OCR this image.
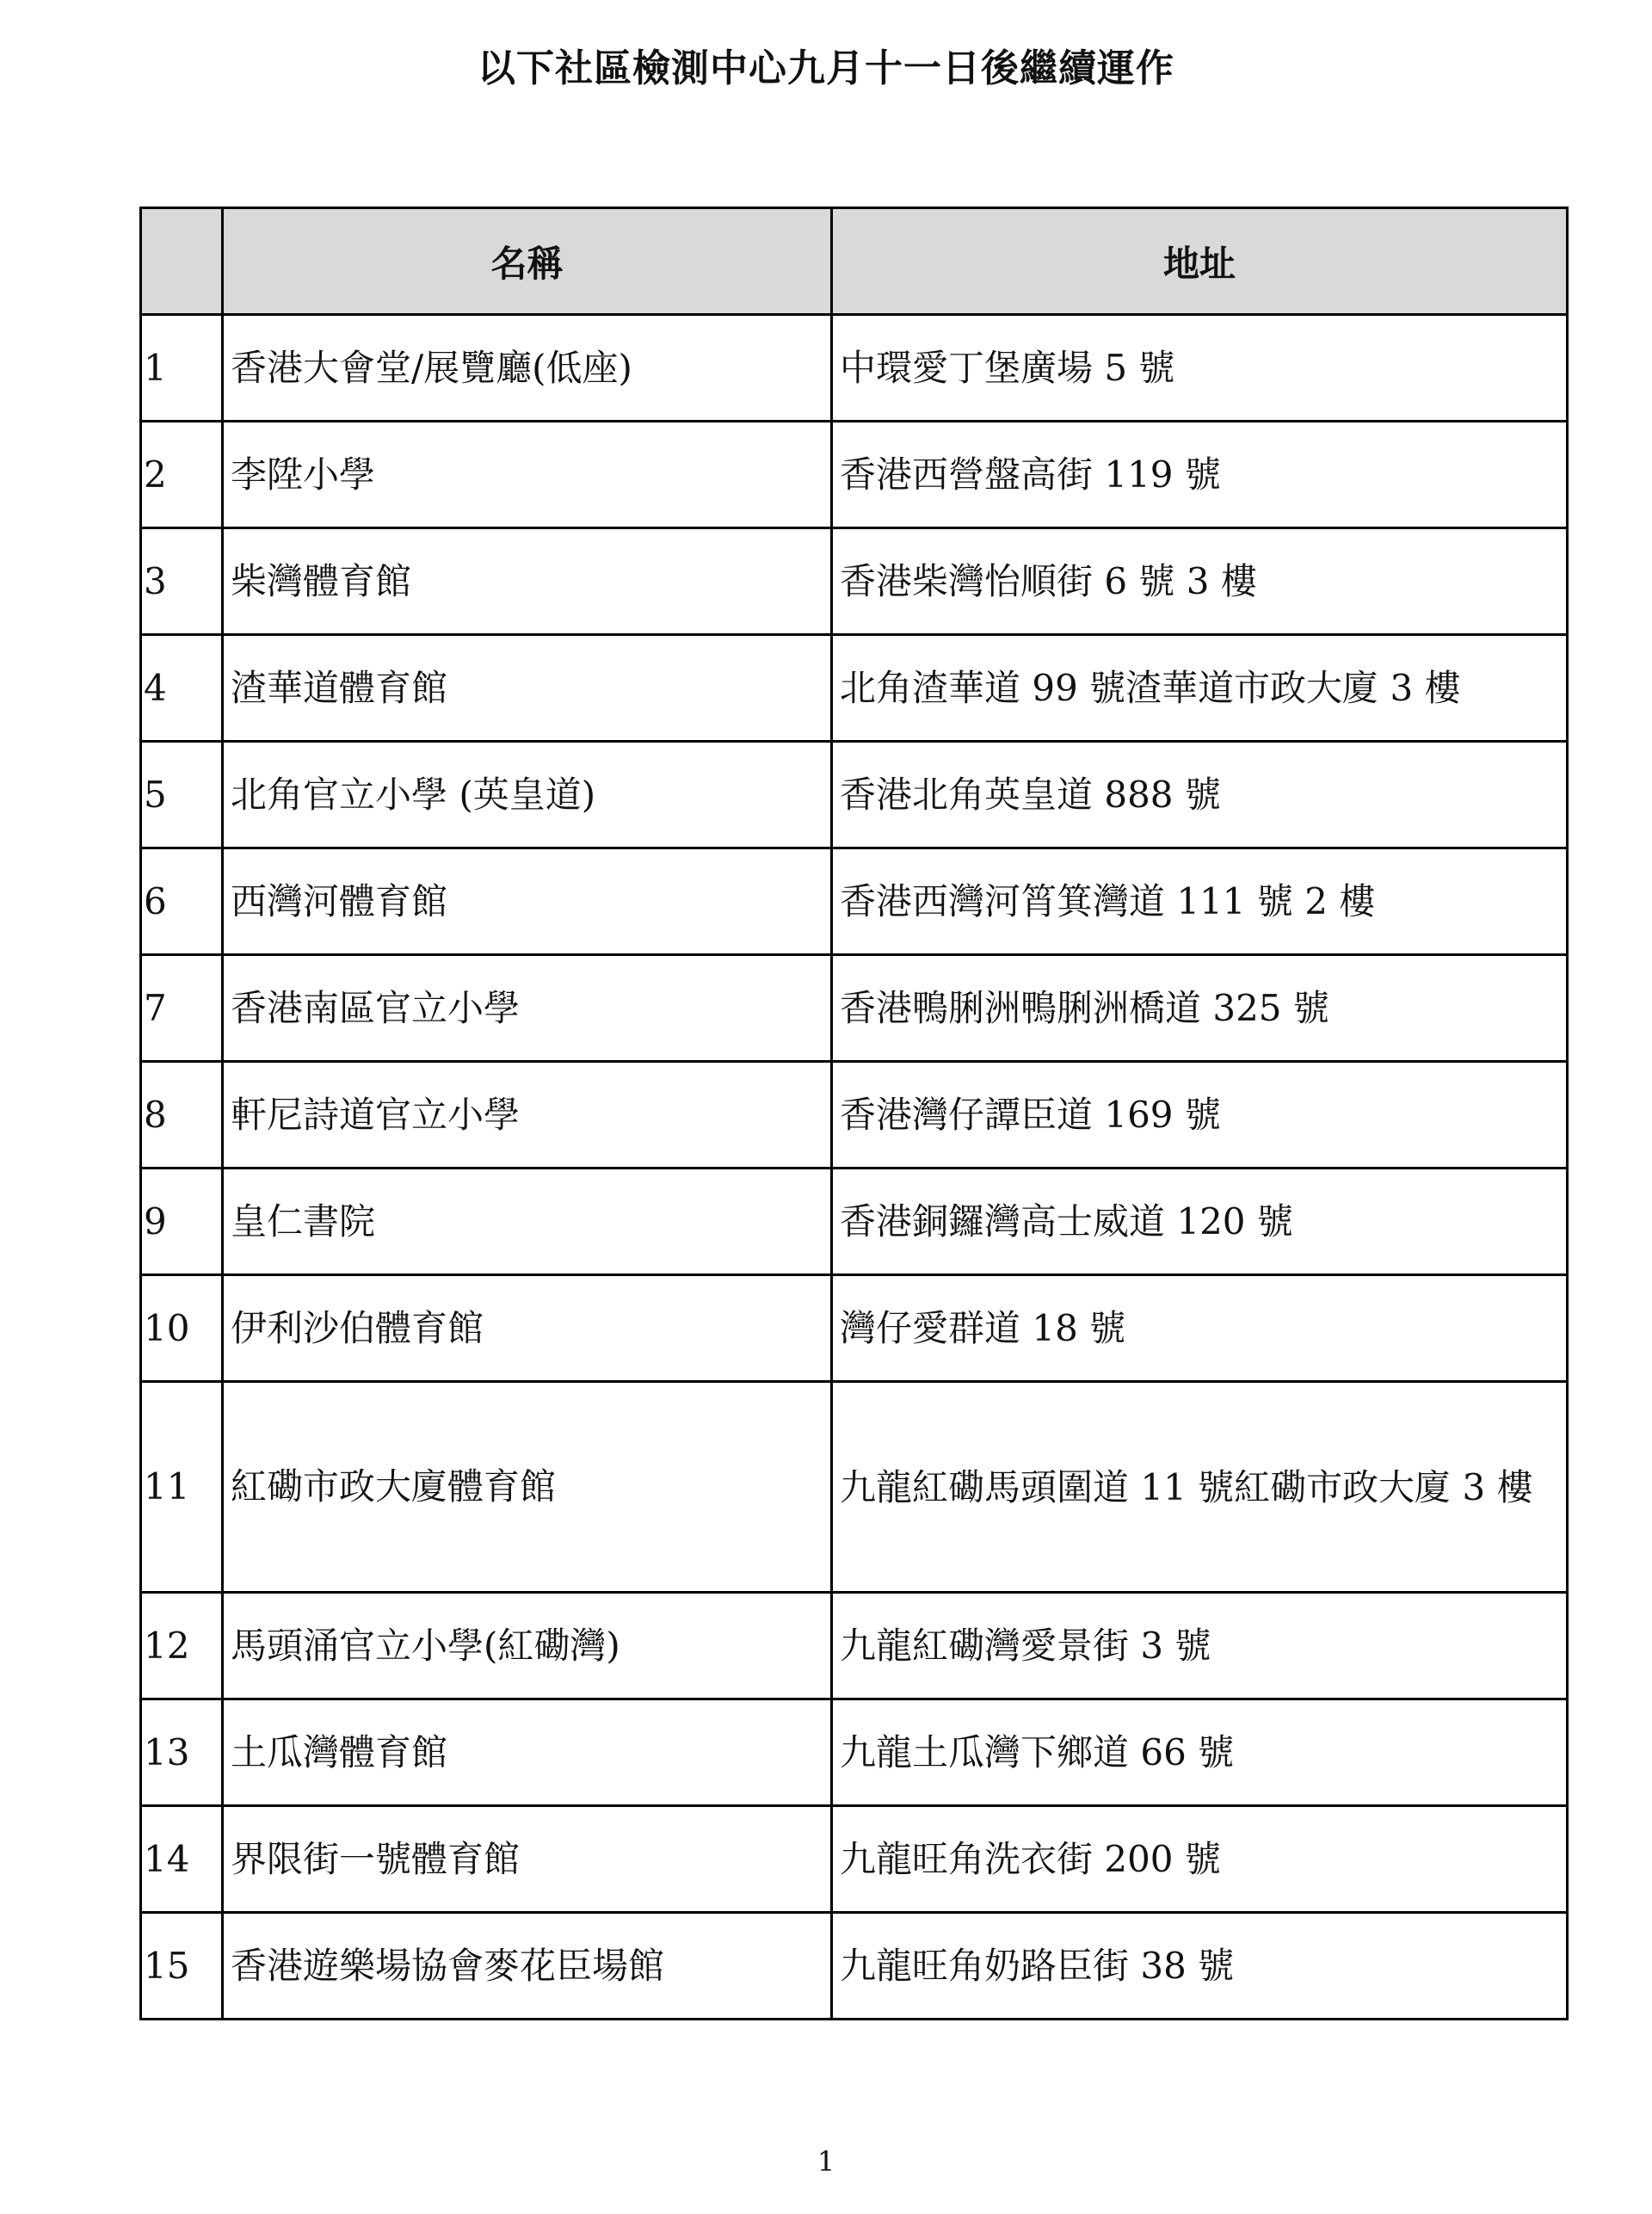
以下社區檢測中心九月十一日後繼續運作
	名稱	地址
1	香港大會堂/展覽廳(低座)	中環愛丁堡廣場 5 號
2	李陞小學	香港西營盤高街 119 號
3	柴灣體育館	香港柴灣怡順街 6 號 3 樓
4	渣華道體育館	北角渣華道 99 號渣華道市政大廈 3 樓
5	北角官立小學 (英皇道)	香港北角英皇道 888 號
6	西灣河體育館	香港西灣河筲箕灣道 111 號 2 樓
7	香港南區官立小學	香港鴨脷洲鴨脷洲橋道 325 號
8	軒尼詩道官立小學	香港灣仔譚臣道 169 號
9	皇仁書院	香港銅鑼灣高士威道 120 號
10	伊利沙伯體育館	灣仔愛群道 18 號
11	紅磡市政大廈體育館	九龍紅磡馬頭圍道 11 號紅磡市政大廈 3 樓
12	馬頭涌官立小學(紅磡灣)	九龍紅磡灣愛景街 3 號
13	土瓜灣體育館	九龍土瓜灣下鄉道 66 號
14	界限街一號體育館	九龍旺角洗衣街 200 號
15	香港遊樂場協會麥花臣場館	九龍旺角奶路臣街 38 號
1
